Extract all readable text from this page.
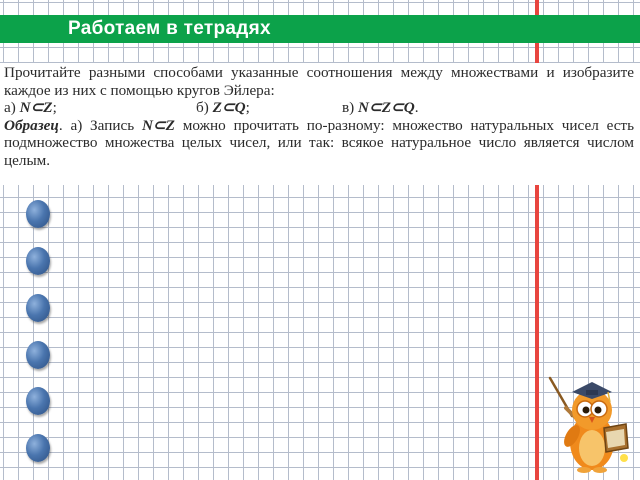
Работаем в тетрадях

Прочитайте разными способами указанные соотношения между множествами и изобразите каждое из них с помощью кругов Эйлера:

а) N⊂Z;	б) Z⊂Q;	в) N⊂Z⊂Q.

Образец. а) Запись N⊂Z можно прочитать по-разному: множество натуральных чисел есть подмножество множества целых чисел, или так: всякое натуральное число является числом целым.
